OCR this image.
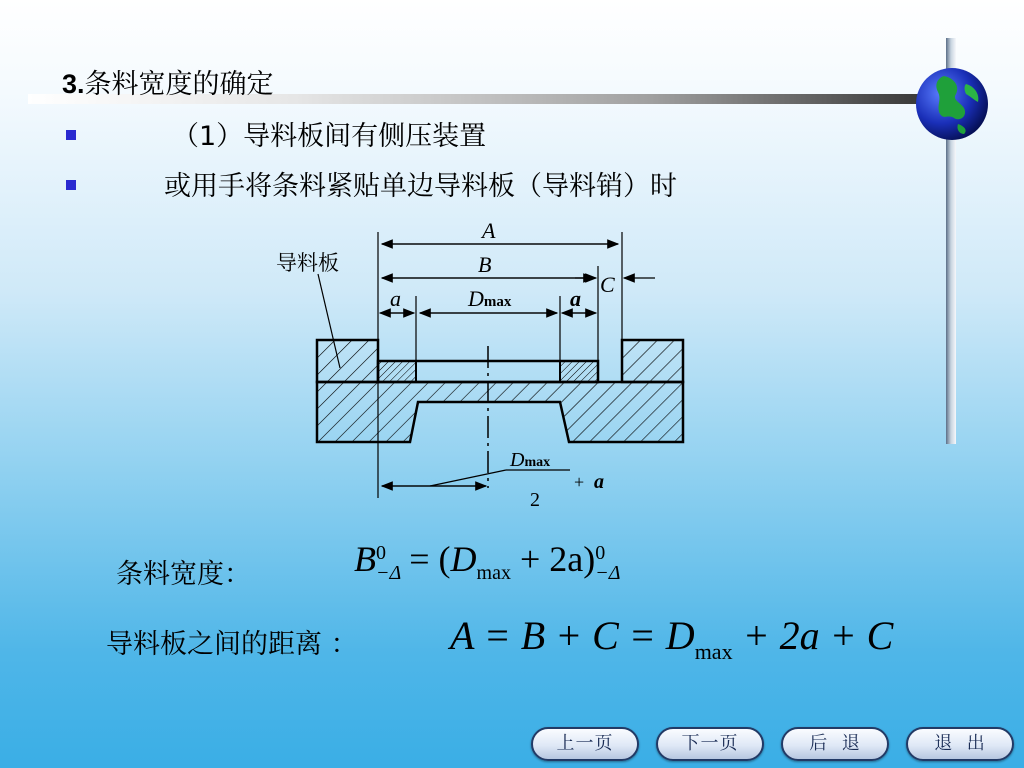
3.条料宽度的确定
（1）导料板间有侧压装置
或用手将条料紧贴单边导料板（导料销）时
导料板
A
B
C
a	a
Dmax
Dmax
2
+ a
条料宽度：	B 0
$-\Delta = (D_{max} + 2a)$ 0
−Δ
导料板之间的距离 ： $A = B + C = D_{max} + 2a + C$
上一页	下一页	后  退	退  出
